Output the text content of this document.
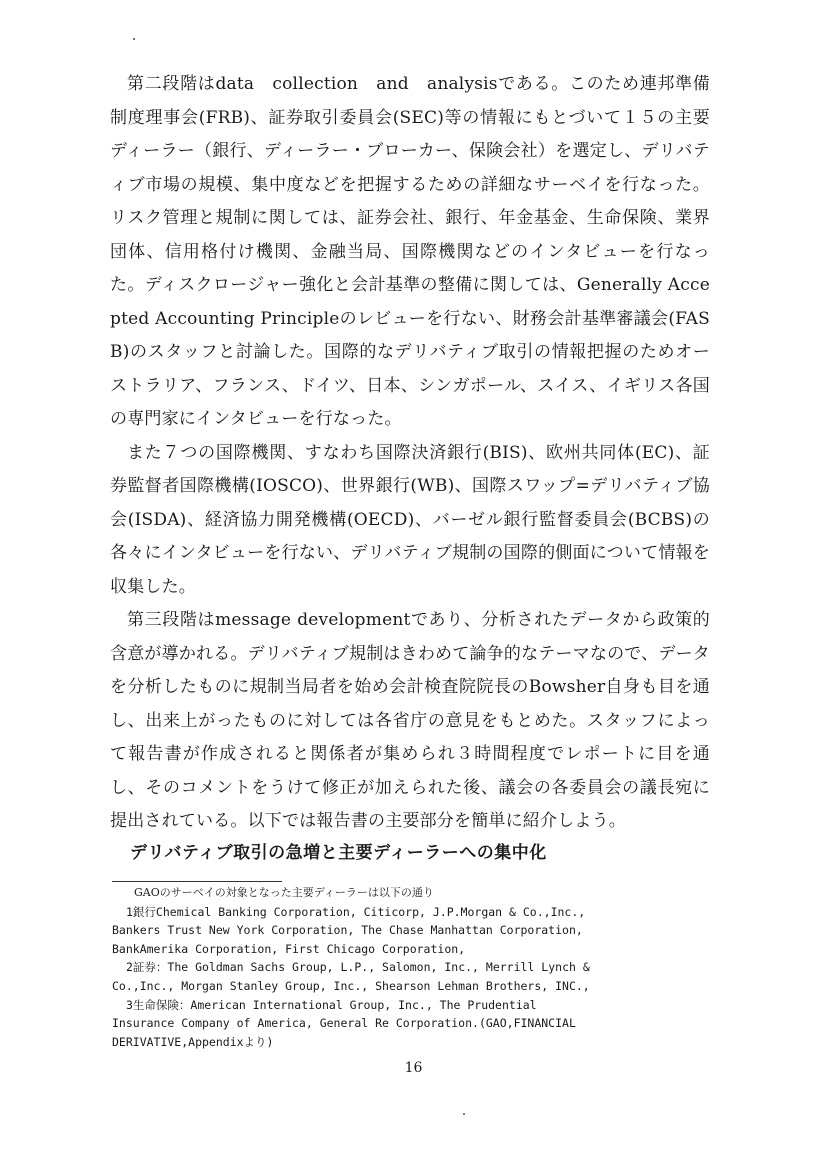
第二段階はdata　collection　and　analysisである。このため連邦準備制度理事会(FRB)、証券取引委員会(SEC)等の情報にもとづいて１５の主要ディーラー（銀行、ディーラー・ブローカー、保険会社）を選定し、デリバティブ市場の規模、集中度などを把握するための詳細なサーベイを行なった。リスク管理と規制に関しては、証券会社、銀行、年金基金、生命保険、業界団体、信用格付け機関、金融当局、国際機関などのインタビューを行なった。ディスクロージャー強化と会計基準の整備に関しては、Generally Accepted Accounting Principleのレビューを行ない、財務会計基準審議会(FASB)のスタッフと討論した。国際的なデリバティブ取引の情報把握のためオーストラリア、フランス、ドイツ、日本、シンガポール、スイス、イギリス各国の専門家にインタビューを行なった。

また７つの国際機関、すなわち国際決済銀行(BIS)、欧州共同体(EC)、証券監督者国際機構(IOSCO)、世界銀行(WB)、国際スワップ=デリバティブ協会(ISDA)、経済協力開発機構(OECD)、バーゼル銀行監督委員会(BCBS)の各々にインタビューを行ない、デリバティブ規制の国際的側面について情報を収集した。

第三段階はmessage developmentであり、分析されたデータから政策的含意が導かれる。デリバティブ規制はきわめて論争的なテーマなので、データを分析したものに規制当局者を始め会計検査院院長のBowsher自身も目を通し、出来上がったものに対しては各省庁の意見をもとめた。スタッフによって報告書が作成されると関係者が集められ３時間程度でレポートに目を通し、そのコメントをうけて修正が加えられた後、議会の各委員会の議長宛に提出されている。以下では報告書の主要部分を簡単に紹介しよう。

デリバティブ取引の急増と主要ディーラーへの集中化
GAOのサーベイの対象となった主要ディーラーは以下の通り
1銀行Chemical Banking Corporation, Citicorp, J.P.Morgan & Co.,Inc.,
Bankers Trust New York Corporation, The Chase Manhattan Corporation,
BankAmerika Corporation, First Chicago Corporation,
2証券：The Goldman Sachs Group, L.P., Salomon, Inc., Merrill Lynch &
Co.,Inc., Morgan Stanley Group, Inc., Shearson Lehman Brothers, INC.,
3生命保険：American International Group, Inc., The Prudential
Insurance Company of America, General Re Corporation.(GAO,FINANCIAL
DERIVATIVE,Appendixより)
16
